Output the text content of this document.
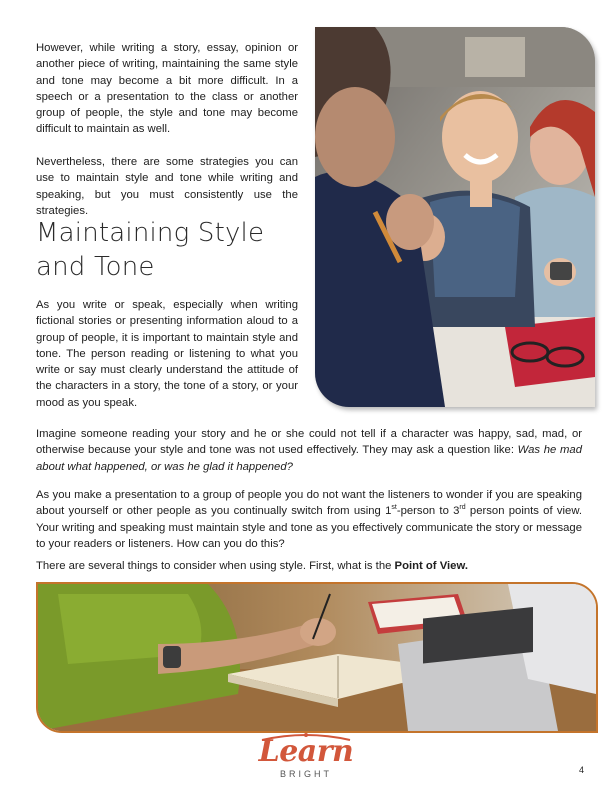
However, while writing a story, essay, opinion or another piece of writing, maintaining the same style and tone may become a bit more difficult. In a speech or a presentation to the class or another group of people, the style and tone may become difficult to maintain as well.

Nevertheless, there are some strategies you can use to maintain style and tone while writing and speaking, but you must consistently use the strategies.

Maintaining Style and Tone

As you write or speak, especially when writing fictional stories or presenting information aloud to a group of people, it is important to maintain style and tone. The person reading or listening to what you write or say must clearly understand the attitude of the characters in a story, the tone of a story, or your mood as you speak.

Imagine someone reading your story and he or she could not tell if a character was happy, sad, mad, or otherwise because your style and tone was not used effectively. They may ask a question like: Was he mad about what happened, or was he glad it happened?

As you make a presentation to a group of people you do not want the listeners to wonder if you are speaking about yourself or other people as you continually switch from using 1st-person to 3rd person points of view. Your writing and speaking must maintain style and tone as you effectively communicate the story or message to your readers or listeners. How can you do this?

There are several things to consider when using style. First, what is the Point of View.

Learn
BRIGHT	4
